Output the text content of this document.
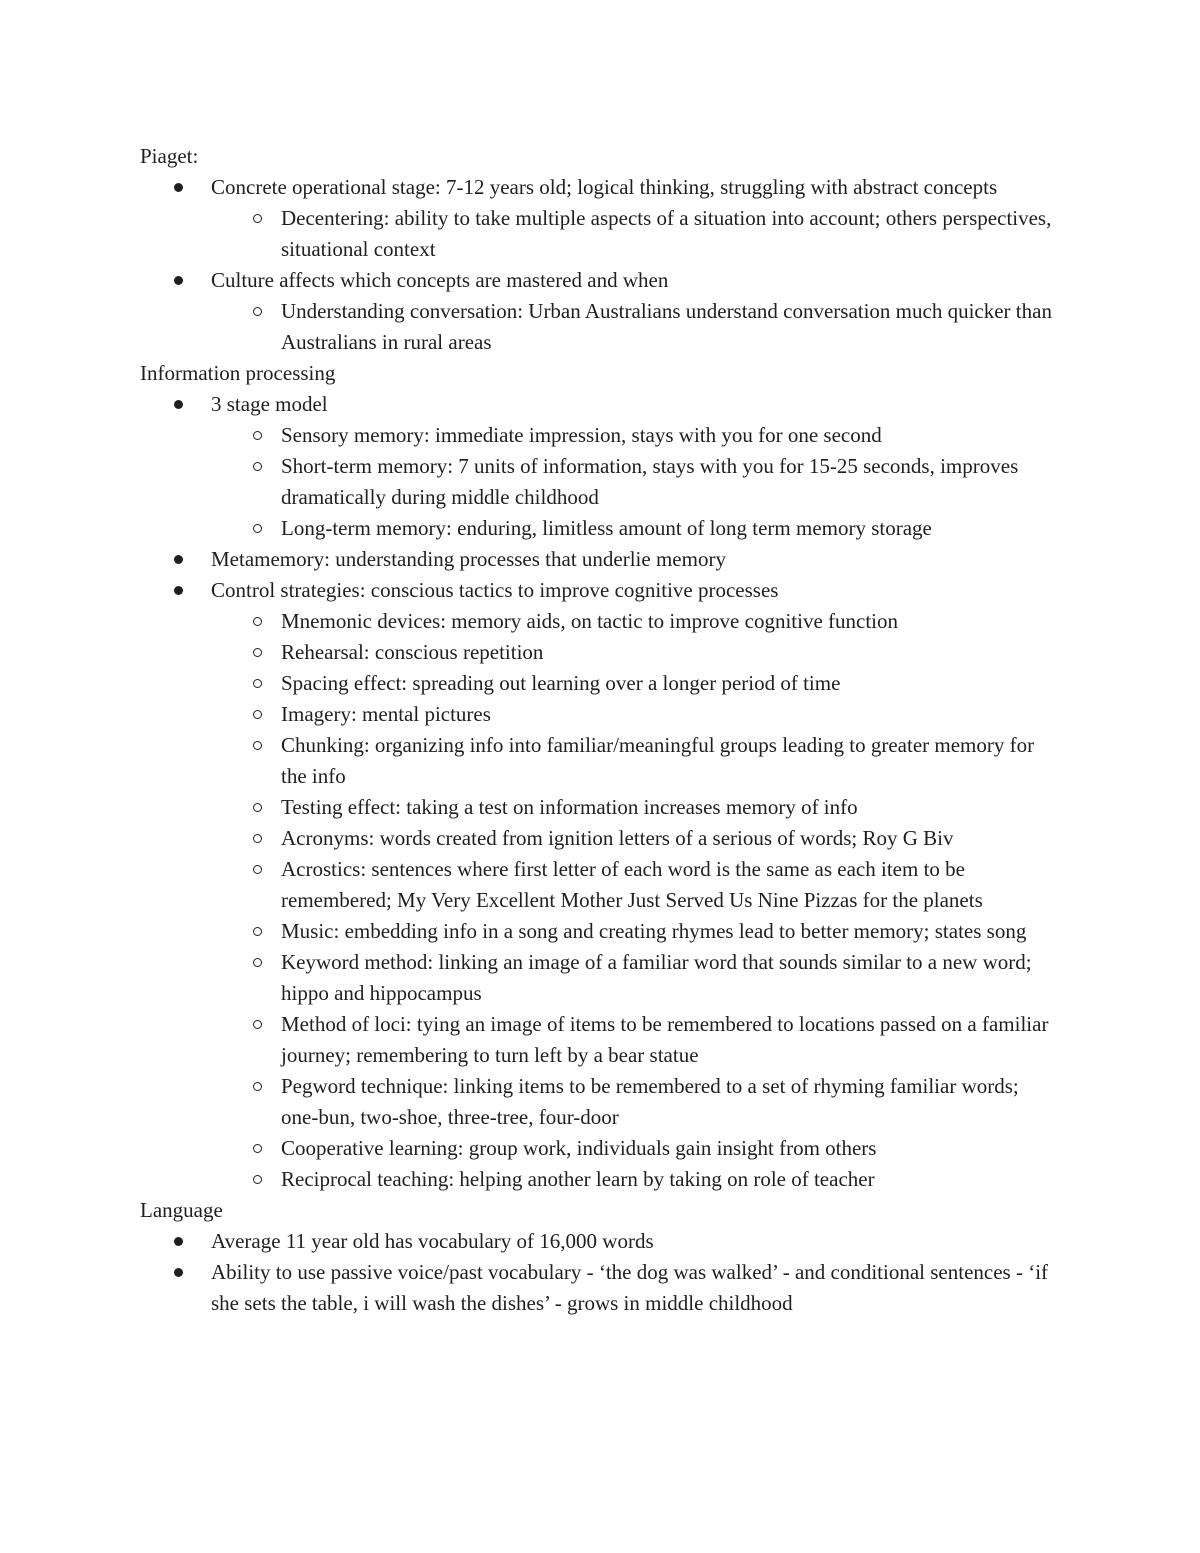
Piaget:
Concrete operational stage: 7-12 years old; logical thinking, struggling with abstract concepts
Decentering: ability to take multiple aspects of a situation into account; others perspectives, situational context
Culture affects which concepts are mastered and when
Understanding conversation: Urban Australians understand conversation much quicker than Australians in rural areas
Information processing
3 stage model
Sensory memory: immediate impression, stays with you for one second
Short-term memory: 7 units of information, stays with you for 15-25 seconds, improves dramatically during middle childhood
Long-term memory: enduring, limitless amount of long term memory storage
Metamemory: understanding processes that underlie memory
Control strategies: conscious tactics to improve cognitive processes
Mnemonic devices: memory aids, on tactic to improve cognitive function
Rehearsal: conscious repetition
Spacing effect: spreading out learning over a longer period of time
Imagery: mental pictures
Chunking: organizing info into familiar/meaningful groups leading to greater memory for the info
Testing effect: taking a test on information increases memory of info
Acronyms: words created from ignition letters of a serious of words; Roy G Biv
Acrostics: sentences where first letter of each word is the same as each item to be remembered; My Very Excellent Mother Just Served Us Nine Pizzas for the planets
Music: embedding info in a song and creating rhymes lead to better memory; states song
Keyword method: linking an image of a familiar word that sounds similar to a new word; hippo and hippocampus
Method of loci: tying an image of items to be remembered to locations passed on a familiar journey; remembering to turn left by a bear statue
Pegword technique: linking items to be remembered to a set of rhyming familiar words; one-bun, two-shoe, three-tree, four-door
Cooperative learning: group work, individuals gain insight from others
Reciprocal teaching: helping another learn by taking on role of teacher
Language
Average 11 year old has vocabulary of 16,000 words
Ability to use passive voice/past vocabulary - ‘the dog was walked’ - and conditional sentences - ‘if she sets the table, i will wash the dishes’ - grows in middle childhood
